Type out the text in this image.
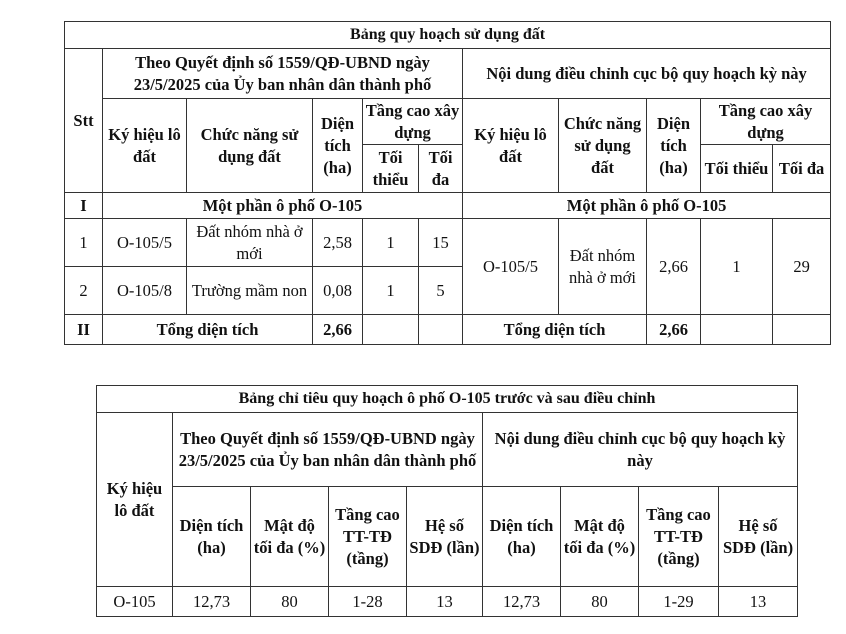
Bảng quy hoạch sử dụng đất										
Stt	Theo Quyết định số 1559/QĐ-UBND ngày 23/5/2025 của Ủy ban nhân dân thành phố					Nội dung điều chỉnh cục bộ quy hoạch kỳ này				
	Ký hiệu lô đất	Chức năng sử dụng đất	Diện tích (ha)	Tầng cao xây dựng		Ký hiệu lô đất	Chức năng sử dụng đất	Diện tích (ha)	Tầng cao xây dựng	
				Tối thiểu	Tối đa				Tối thiểu	Tối đa
I	Một phần ô phố O-105					Một phần ô phố O-105				
1	O-105/5	Đất nhóm nhà ở mới	2,58	1	15	O-105/5	Đất nhóm nhà ở mới	2,66	1	29
2	O-105/8	Trường mầm non	0,08	1	5					
II	Tổng diện tích		2,66			Tổng diện tích		2,66		
Bảng chỉ tiêu quy hoạch ô phố O-105 trước và sau điều chỉnh								
Ký hiệu lô đất	Theo Quyết định số 1559/QĐ-UBND ngày 23/5/2025 của Ủy ban nhân dân thành phố				Nội dung điều chỉnh cục bộ quy hoạch kỳ này			
	Diện tích (ha)	Mật độ tối đa (%)	Tầng cao TT-TĐ (tầng)	Hệ số SDĐ (lần)	Diện tích (ha)	Mật độ tối đa (%)	Tầng cao TT-TĐ (tầng)	Hệ số SDĐ (lần)
O-105	12,73	80	1-28	13	12,73	80	1-29	13
